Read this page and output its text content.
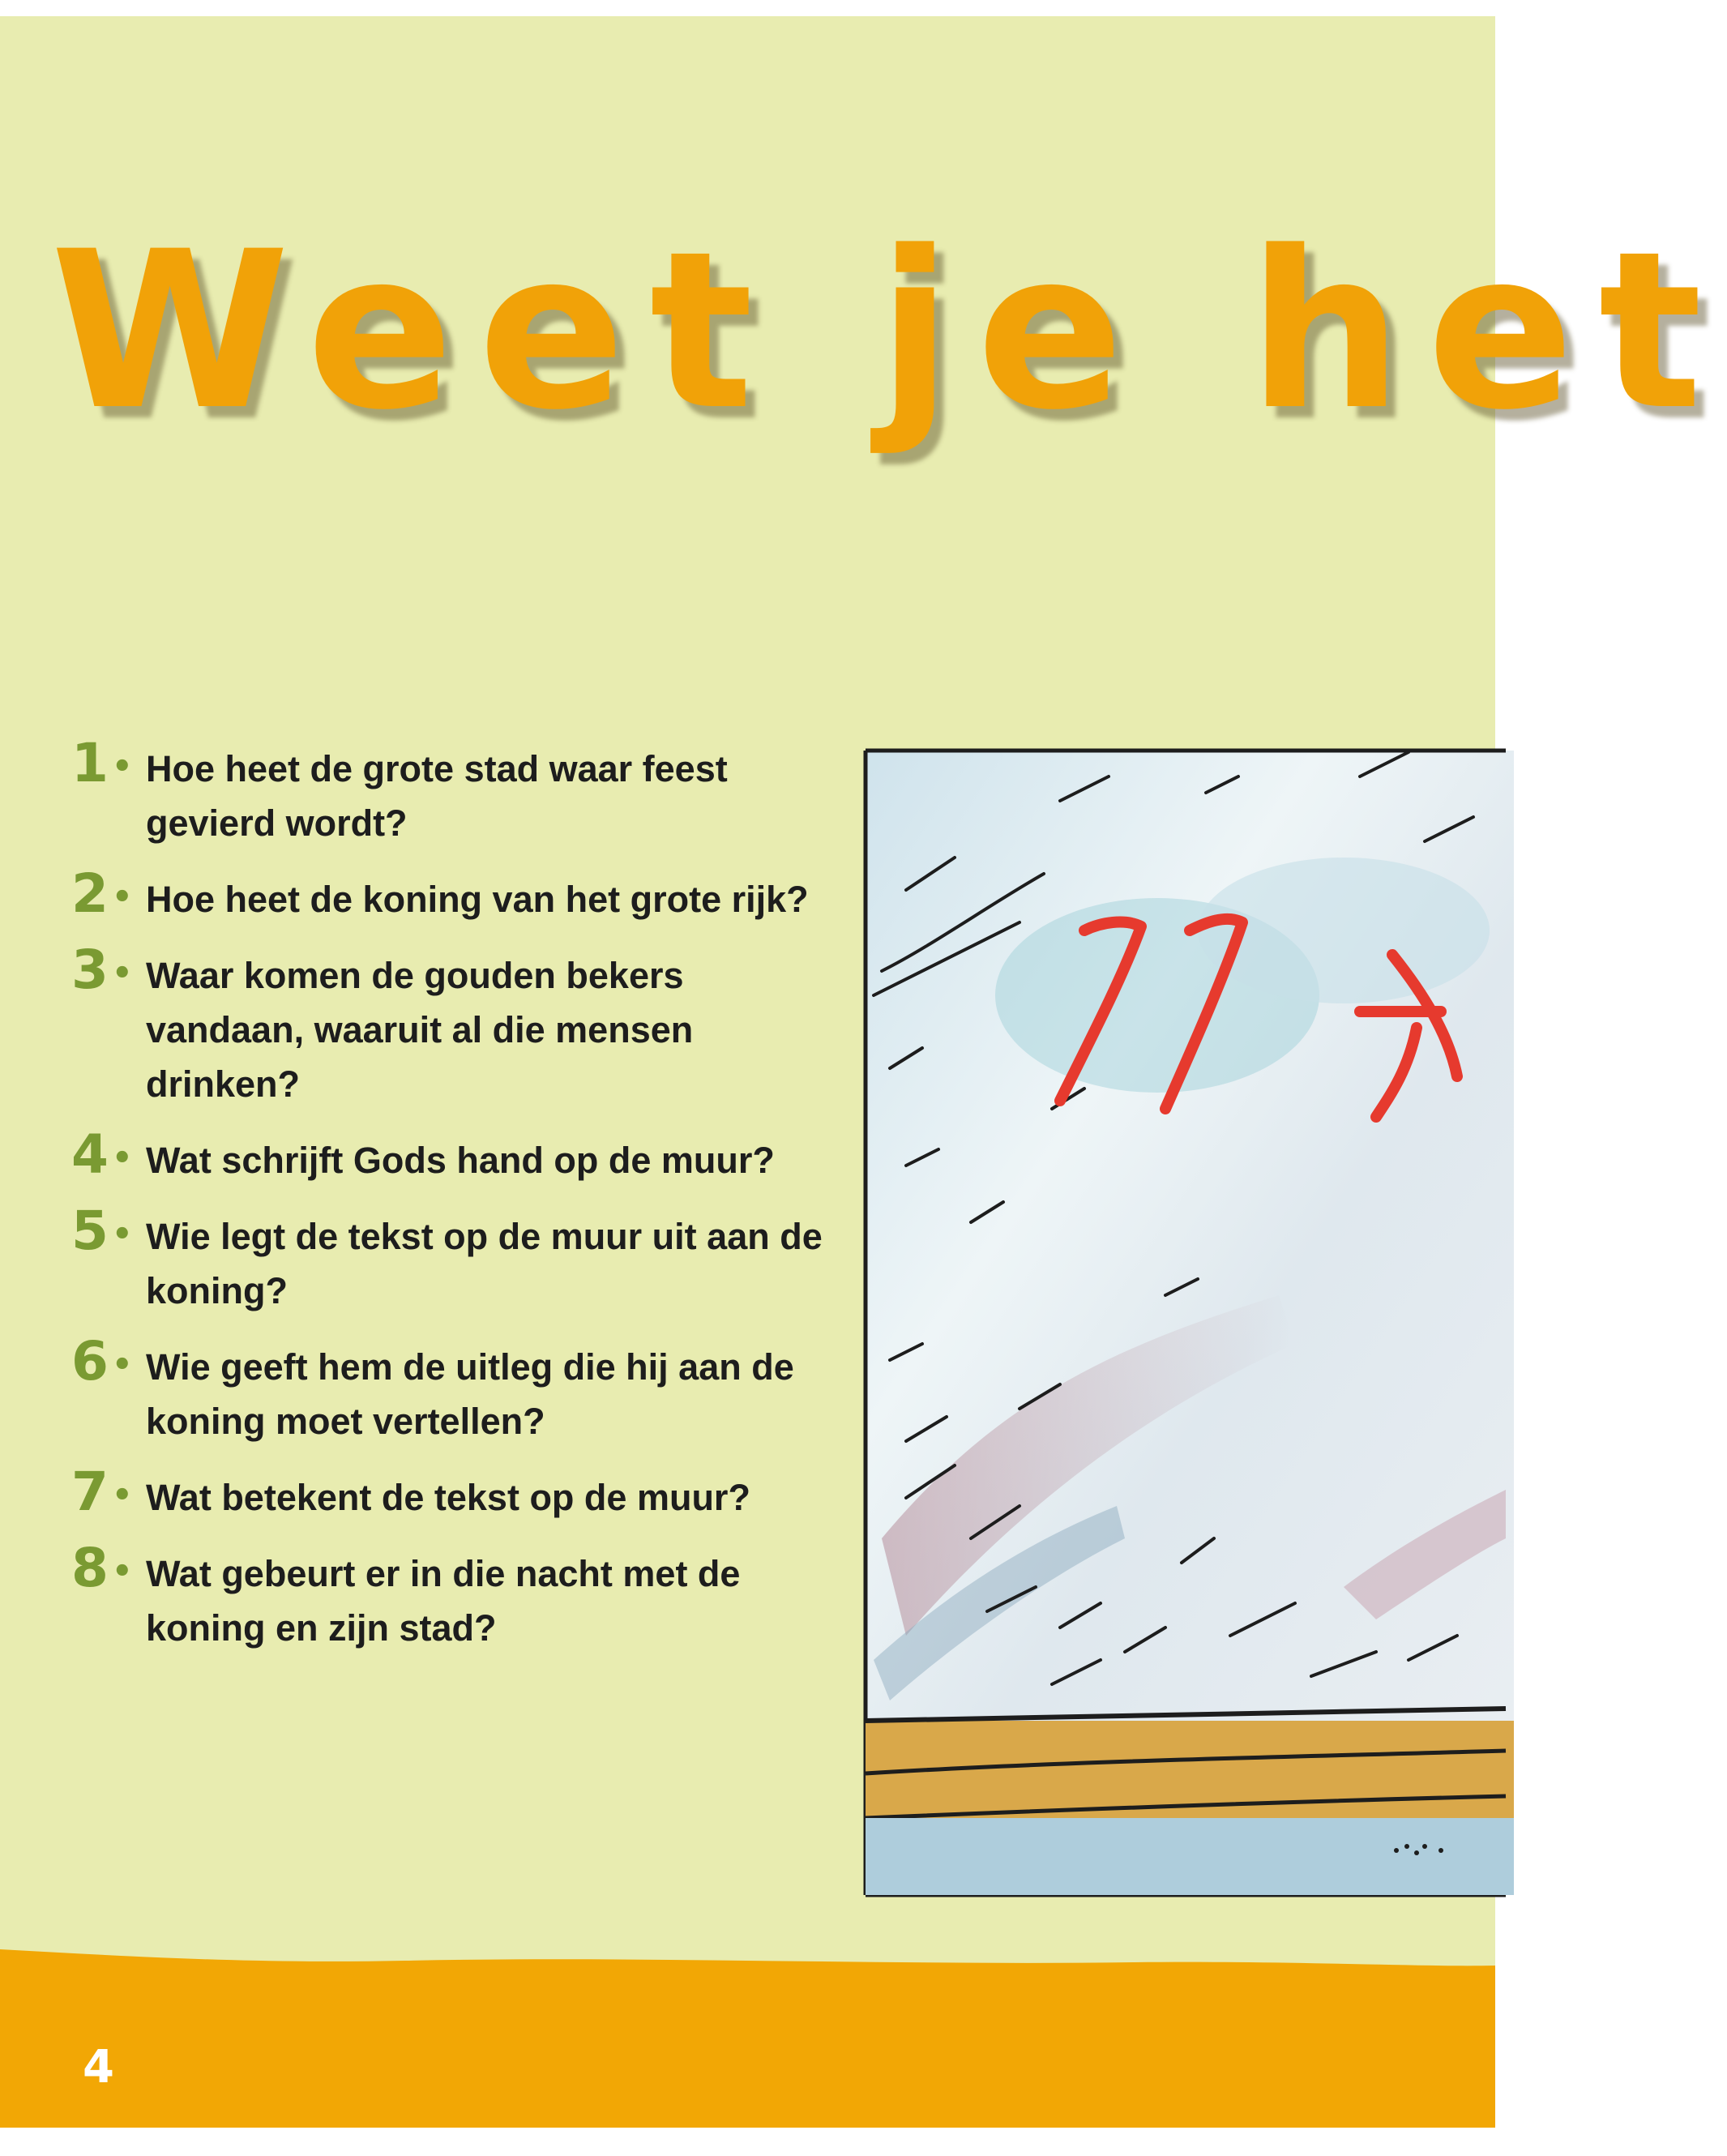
Weet je het
1 • Hoe heet de grote stad waar feest gevierd wordt?
2 • Hoe heet de koning van het grote rijk?
3 • Waar komen de gouden bekers vandaan, waaruit al die mensen drinken?
4 • Wat schrijft Gods hand op de muur?
5 • Wie legt de tekst op de muur uit aan de koning?
6 • Wie geeft hem de uitleg die hij aan de koning moet vertellen?
7 • Wat betekent de tekst op de muur?
8 • Wat gebeurt er in die nacht met de koning en zijn stad?
4
